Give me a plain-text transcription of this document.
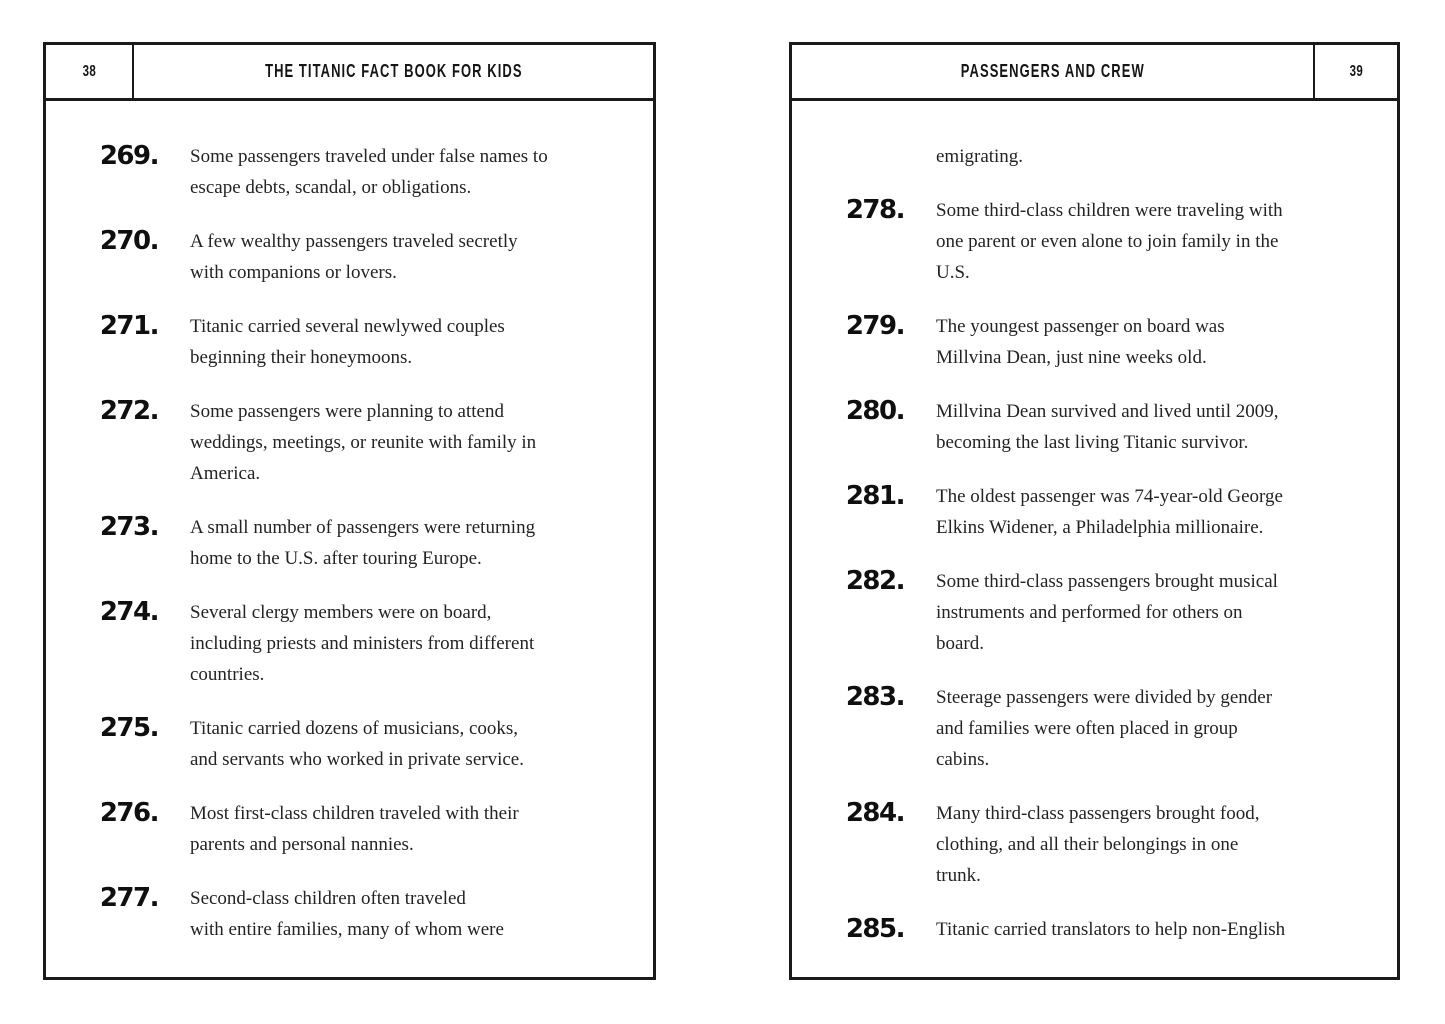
38	THE TITANIC FACT BOOK FOR KIDS
269. Some passengers traveled under false names to
escape debts, scandal, or obligations.
270. A few wealthy passengers traveled secretly
with companions or lovers.
271. Titanic carried several newlywed couples
beginning their honeymoons.
272. Some passengers were planning to attend
weddings, meetings, or reunite with family in
America.
273. A small number of passengers were returning
home to the U.S. after touring Europe.
274. Several clergy members were on board,
including priests and ministers from different
countries.
275. Titanic carried dozens of musicians, cooks,
and servants who worked in private service.
276. Most first-class children traveled with their
parents and personal nannies.
277. Second-class children often traveled
with entire families, many of whom were
PASSENGERS AND CREW	39
emigrating.
278. Some third-class children were traveling with
one parent or even alone to join family in the
U.S.
279. The youngest passenger on board was
Millvina Dean, just nine weeks old.
280. Millvina Dean survived and lived until 2009,
becoming the last living Titanic survivor.
281. The oldest passenger was 74-year-old George
Elkins Widener, a Philadelphia millionaire.
282. Some third-class passengers brought musical
instruments and performed for others on
board.
283. Steerage passengers were divided by gender
and families were often placed in group
cabins.
284. Many third-class passengers brought food,
clothing, and all their belongings in one
trunk.
285. Titanic carried translators to help non-English
